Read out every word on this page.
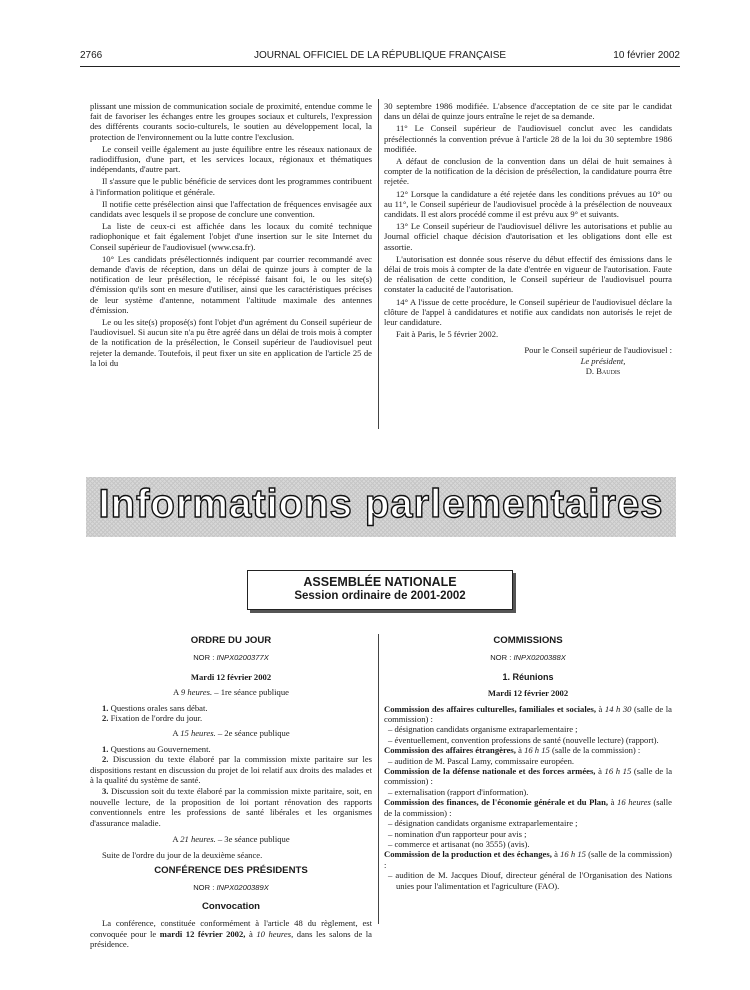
2766	JOURNAL OFFICIEL DE LA RÉPUBLIQUE FRANÇAISE	10 février 2002

plissant une mission de communication sociale de proximité, entendue comme le fait de favoriser les échanges entre les groupes sociaux et culturels, l'expression des différents courants socio-culturels, le soutien au développement local, la protection de l'environnement ou la lutte contre l'exclusion.

Le conseil veille également au juste équilibre entre les réseaux nationaux de radiodiffusion, d'une part, et les services locaux, régionaux et thématiques indépendants, d'autre part.

Il s'assure que le public bénéficie de services dont les programmes contribuent à l'information politique et générale.

Il notifie cette présélection ainsi que l'affectation de fréquences envisagée aux candidats avec lesquels il se propose de conclure une convention.

La liste de ceux-ci est affichée dans les locaux du comité technique radiophonique et fait également l'objet d'une insertion sur le site Internet du Conseil supérieur de l'audiovisuel (www.csa.fr).

10° Les candidats présélectionnés indiquent par courrier recommandé avec demande d'avis de réception, dans un délai de quinze jours à compter de la notification de leur présélection, le récépissé faisant foi, le ou les site(s) d'émission qu'ils sont en mesure d'utiliser, ainsi que les caractéristiques précises de leur système d'antenne, notamment l'altitude maximale des antennes d'émission.

Le ou les site(s) proposé(s) font l'objet d'un agrément du Conseil supérieur de l'audiovisuel. Si aucun site n'a pu être agréé dans un délai de trois mois à compter de la notification de la présélection, le Conseil supérieur de l'audiovisuel peut rejeter la demande. Toutefois, il peut fixer un site en application de l'article 25 de la loi du

30 septembre 1986 modifiée. L'absence d'acceptation de ce site par le candidat dans un délai de quinze jours entraîne le rejet de sa demande.

11° Le Conseil supérieur de l'audiovisuel conclut avec les candidats présélectionnés la convention prévue à l'article 28 de la loi du 30 septembre 1986 modifiée.

A défaut de conclusion de la convention dans un délai de huit semaines à compter de la notification de la décision de présélection, la candidature pourra être rejetée.

12° Lorsque la candidature a été rejetée dans les conditions prévues au 10° ou au 11°, le Conseil supérieur de l'audiovisuel procède à la présélection de nouveaux candidats. Il est alors procédé comme il est prévu aux 9° et suivants.

13° Le Conseil supérieur de l'audiovisuel délivre les autorisations et publie au Journal officiel chaque décision d'autorisation et les obligations dont elle est assortie.

L'autorisation est donnée sous réserve du début effectif des émissions dans le délai de trois mois à compter de la date d'entrée en vigueur de l'autorisation. Faute de réalisation de cette condition, le Conseil supérieur de l'audiovisuel pourra constater la caducité de l'autorisation.

14° A l'issue de cette procédure, le Conseil supérieur de l'audiovisuel déclare la clôture de l'appel à candidatures et notifie aux candidats non autorisés le rejet de leur candidature.

Fait à Paris, le 5 février 2002.

Pour le Conseil supérieur de l'audiovisuel :
Le président,
D. Baudis
Informations parlementaires
ASSEMBLÉE NATIONALE
Session ordinaire de 2001-2002
ORDRE DU JOUR
NOR : INPX0200377X
Mardi 12 février 2002
A 9 heures. – 1re séance publique

1. Questions orales sans débat.

2. Fixation de l'ordre du jour.

A 15 heures. – 2e séance publique

1. Questions au Gouvernement.

2. Discussion du texte élaboré par la commission mixte paritaire sur les dispositions restant en discussion du projet de loi relatif aux droits des malades et à la qualité du système de santé.

3. Discussion soit du texte élaboré par la commission mixte paritaire, soit, en nouvelle lecture, de la proposition de loi portant rénovation des rapports conventionnels entre les professions de santé libérales et les organismes d'assurance maladie.

A 21 heures. – 3e séance publique

Suite de l'ordre du jour de la deuxième séance.

CONFÉRENCE DES PRÉSIDENTS
NOR : INPX0200389X
Convocation

La conférence, constituée conformément à l'article 48 du règlement, est convoquée pour le mardi 12 février 2002, à 10 heures, dans les salons de la présidence.

COMMISSIONS
NOR : INPX0200388X
1. Réunions
Mardi 12 février 2002

Commission des affaires culturelles, familiales et sociales, à 14 h 30 (salle de la commission) :

– désignation candidats organisme extraparlementaire ;

– éventuellement, convention professions de santé (nouvelle lecture) (rapport).

Commission des affaires étrangères, à 16 h 15 (salle de la commission) :

– audition de M. Pascal Lamy, commissaire européen.

Commission de la défense nationale et des forces armées, à 16 h 15 (salle de la commission) :

– externalisation (rapport d'information).

Commission des finances, de l'économie générale et du Plan, à 16 heures (salle de la commission) :

– désignation candidats organisme extraparlementaire ;

– nomination d'un rapporteur pour avis ;

– commerce et artisanat (no 3555) (avis).

Commission de la production et des échanges, à 16 h 15 (salle de la commission) :

– audition de M. Jacques Diouf, directeur général de l'Organisation des Nations unies pour l'alimentation et l'agriculture (FAO).
